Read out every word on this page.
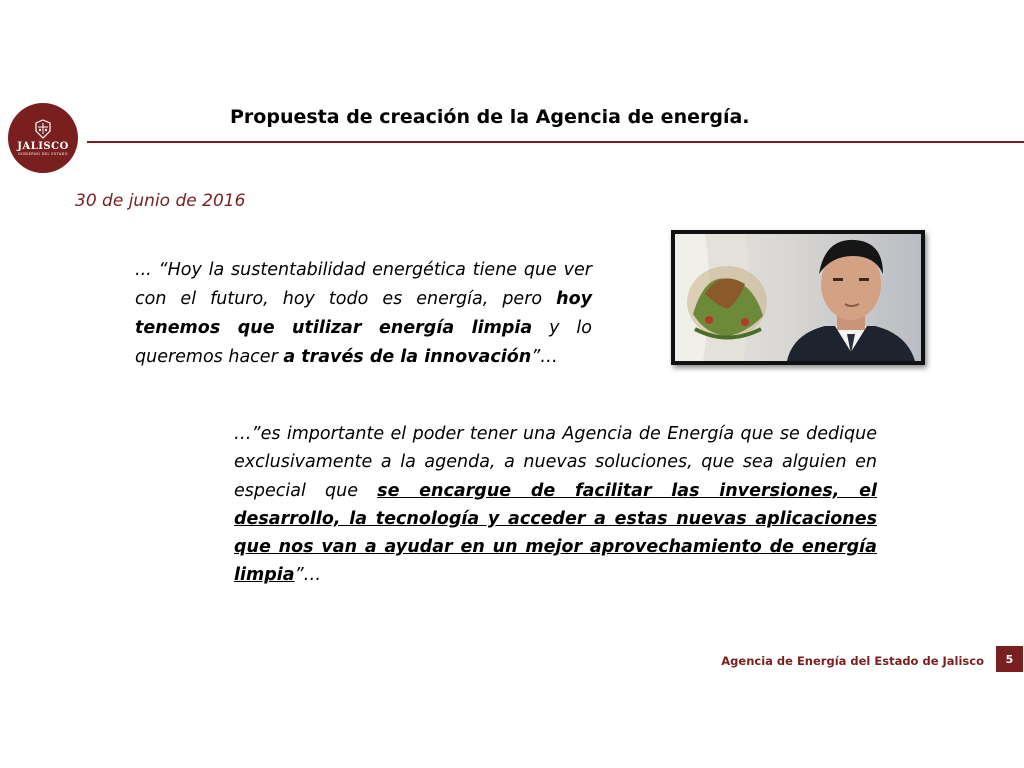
JALISCO
GOBIERNO DEL ESTADO
Propuesta de creación de la Agencia de energía.
30 de junio de 2016

... “Hoy la sustentabilidad energética tiene que ver con el futuro, hoy todo es energía, pero hoy tenemos que utilizar energía limpia y lo queremos hacer a través de la innovación”…

…”es importante el poder tener una Agencia de Energía que se dedique exclusivamente a la agenda, a nuevas soluciones, que sea alguien en especial que se encargue de facilitar las inversiones, el desarrollo, la tecnología y acceder a estas nuevas aplicaciones que nos van a ayudar en un mejor aprovechamiento de energía limpia”…

Agencia de Energía del Estado de Jalisco	5
